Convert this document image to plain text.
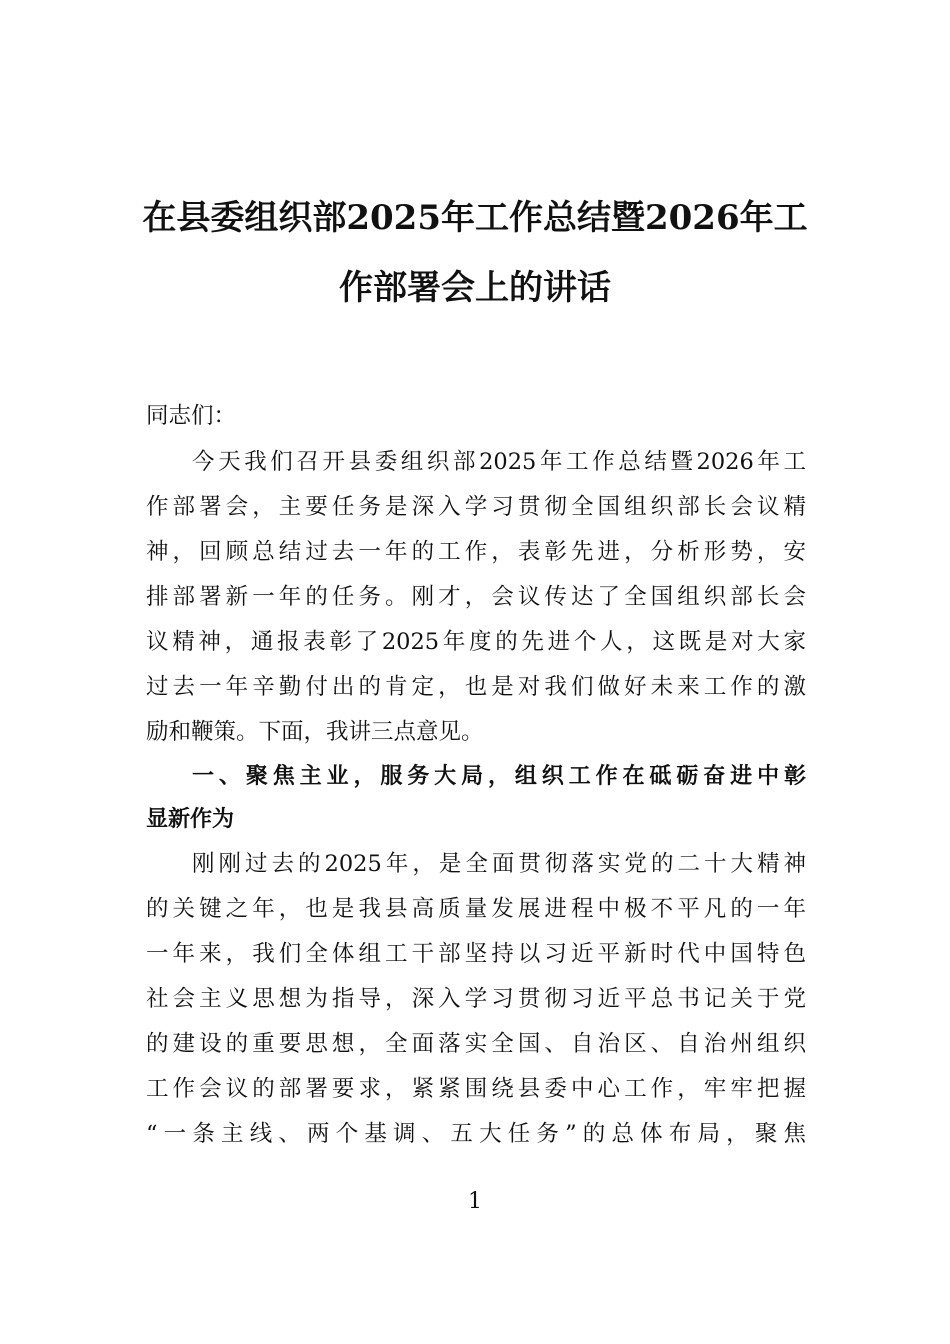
在县委组织部2025年工作总结暨2026年工
作部署会上的讲话
同志们：
今天我们召开县委组织部2025年工作总结暨2026年工
作部署会，主要任务是深入学习贯彻全国组织部长会议精
神，回顾总结过去一年的工作，表彰先进，分析形势，安
排部署新一年的任务。刚才，会议传达了全国组织部长会
议精神，通报表彰了2025年度的先进个人，这既是对大家
过去一年辛勤付出的肯定，也是对我们做好未来工作的激
励和鞭策。下面，我讲三点意见。
一、聚焦主业，服务大局，组织工作在砥砺奋进中彰
显新作为
刚刚过去的2025年，是全面贯彻落实党的二十大精神
的关键之年，也是我县高质量发展进程中极不平凡的一年
一年来，我们全体组工干部坚持以习近平新时代中国特色
社会主义思想为指导，深入学习贯彻习近平总书记关于党
的建设的重要思想，全面落实全国、自治区、自治州组织
工作会议的部署要求，紧紧围绕县委中心工作，牢牢把握
“一条主线、两个基调、五大任务”的总体布局，聚焦
1
